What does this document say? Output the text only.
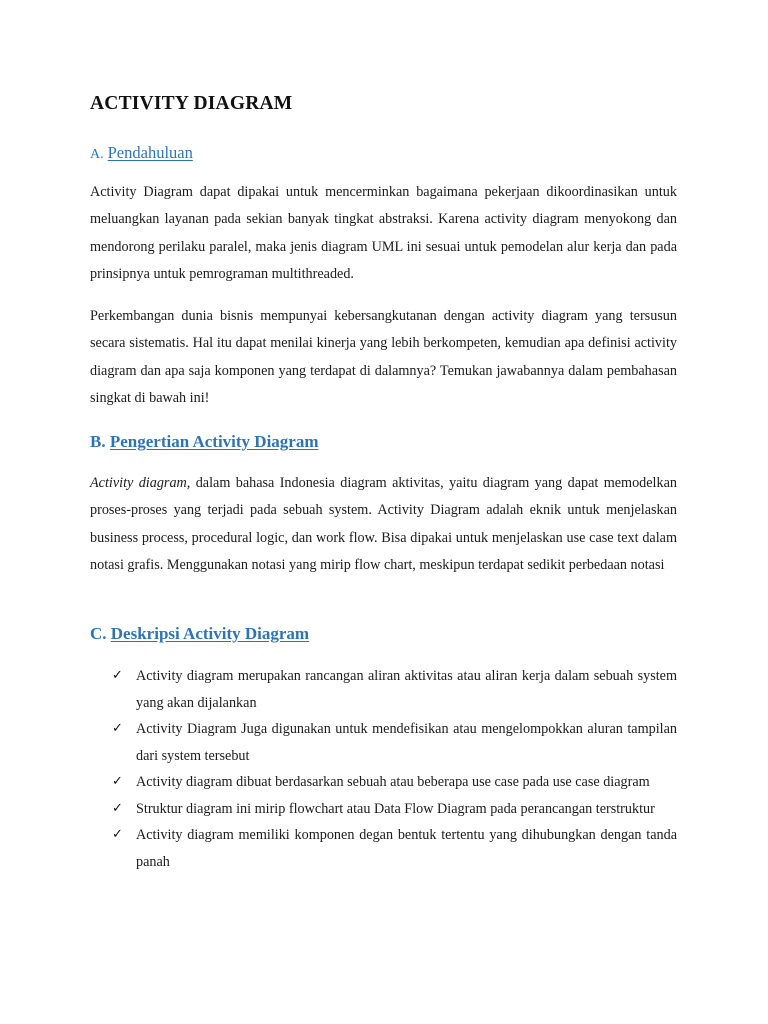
ACTIVITY DIAGRAM
A. Pendahuluan

Activity Diagram dapat dipakai untuk mencerminkan bagaimana pekerjaan dikoordinasikan untuk meluangkan layanan pada sekian banyak tingkat abstraksi. Karena activity diagram menyokong dan mendorong perilaku paralel, maka jenis diagram UML ini sesuai untuk pemodelan alur kerja dan pada prinsipnya untuk pemrograman multithreaded.

Perkembangan dunia bisnis mempunyai kebersangkutanan dengan activity diagram yang tersusun secara sistematis. Hal itu dapat menilai kinerja yang lebih berkompeten, kemudian apa definisi activity diagram dan apa saja komponen yang terdapat di dalamnya? Temukan jawabannya dalam pembahasan singkat di bawah ini!

B. Pengertian Activity Diagram

Activity diagram, dalam bahasa Indonesia diagram aktivitas, yaitu diagram yang dapat memodelkan proses-proses yang terjadi pada sebuah system. Activity Diagram adalah eknik untuk menjelaskan business process, procedural logic, dan work flow. Bisa dipakai untuk menjelaskan use case text dalam notasi grafis. Menggunakan notasi yang mirip flow chart, meskipun terdapat sedikit perbedaan notasi

C. Deskripsi Activity Diagram
✓ Activity diagram merupakan rancangan aliran aktivitas atau aliran kerja dalam sebuah system yang akan dijalankan
✓ Activity Diagram Juga digunakan untuk mendefisikan atau mengelompokkan aluran tampilan dari system tersebut
✓ Activity diagram dibuat berdasarkan sebuah atau beberapa use case pada use case diagram
✓ Struktur diagram ini mirip flowchart atau Data Flow Diagram pada perancangan terstruktur
✓ Activity diagram memiliki komponen degan bentuk tertentu yang dihubungkan dengan tanda panah
